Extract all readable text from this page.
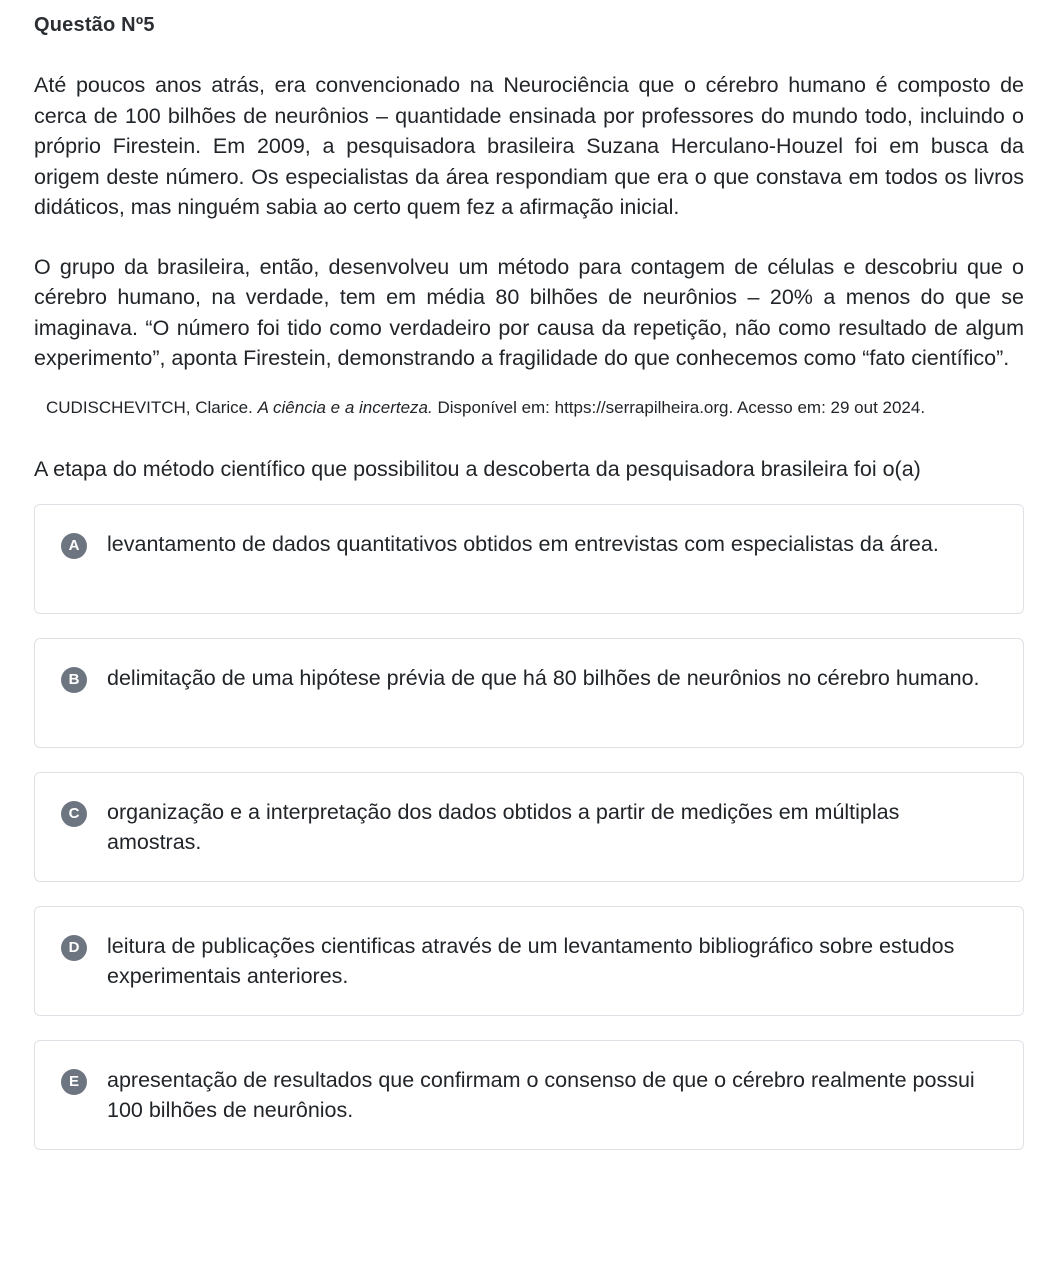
Questão Nº5

Até poucos anos atrás, era convencionado na Neurociência que o cérebro humano é composto de cerca de 100 bilhões de neurônios – quantidade ensinada por professores do mundo todo, incluindo o próprio Firestein. Em 2009, a pesquisadora brasileira Suzana Herculano-Houzel foi em busca da origem deste número. Os especialistas da área respondiam que era o que constava em todos os livros didáticos, mas ninguém sabia ao certo quem fez a afirmação inicial.

O grupo da brasileira, então, desenvolveu um método para contagem de células e descobriu que o cérebro humano, na verdade, tem em média 80 bilhões de neurônios – 20% a menos do que se imaginava. “O número foi tido como verdadeiro por causa da repetição, não como resultado de algum experimento”, aponta Firestein, demonstrando a fragilidade do que conhecemos como “fato científico”.

CUDISCHEVITCH, Clarice. A ciência e a incerteza. Disponível em: https://serrapilheira.org. Acesso em: 29 out 2024.
A etapa do método científico que possibilitou a descoberta da pesquisadora brasileira foi o(a)
A	levantamento de dados quantitativos obtidos em entrevistas com especialistas da área.
B	delimitação de uma hipótese prévia de que há 80 bilhões de neurônios no cérebro humano.
C	organização e a interpretação dos dados obtidos a partir de medições em múltiplas amostras.
D	leitura de publicações cientificas através de um levantamento bibliográfico sobre estudos experimentais anteriores.
E	apresentação de resultados que confirmam o consenso de que o cérebro realmente possui 100 bilhões de neurônios.
